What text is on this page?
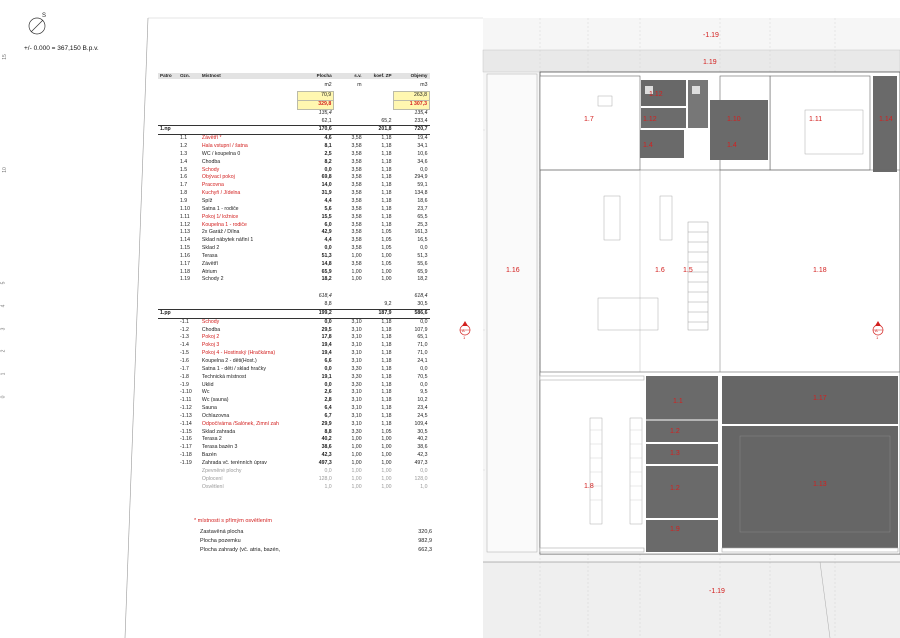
15
10
5
4
3
2
1
0
S
+/- 0.000 = 367,150 B.p.v.
-1.19
1.19
1.12
1.12	1.10	1.11	1.14
1.7
1.4	1.4
1.16	1.6	1.5	1.18
1.1	1.17
1.2
1.3
1.8	1.2
1.13
1.9
-1.19
A
1
A
1
Patro	Ozn.	Místnost	Plocha	s.v.	koef. ZP	Objemy
			m2	m		m3
			70,9			263,8
			329,8			1 307,3
			135,4			135,4
			62,1		65,2	233,4
1.np			170,6		201,8	720,7
	1.1	Závětří *	4,6	3,58	1,18	19,4
	1.2	Hala vstupní / šatna	8,1	3,58	1,18	34,1
	1.3	WC / koupelna 0	2,5	3,58	1,18	10,6
	1.4	Chodba	8,2	3,58	1,18	34,6
	1.5	Schody	0,0	3,58	1,18	0,0
	1.6	Obývací pokoj	69,8	3,58	1,18	294,9
	1.7	Pracovna	14,0	3,58	1,18	59,1
	1.8	Kuchyň / Jídelna	31,9	3,58	1,18	134,8
	1.9	Spíž	4,4	3,58	1,18	18,6
	1.10	Šatna 1 - rodiče	5,6	3,58	1,18	23,7
	1.11	Pokoj 1/ ložnice	15,5	3,58	1,18	65,5
	1.12	Koupelna 1 - rodiče	6,0	3,58	1,18	25,3
	1.13	2x Garáž / Dílna	42,9	3,58	1,05	161,3
	1.14	Sklad nábytek nářiní 1	4,4	3,58	1,05	16,5
	1.15	Sklad 2	0,0	3,58	1,05	0,0
	1.16	Terasa	51,3	1,00	1,00	51,3
	1.17	Závětří	14,8	3,58	1,05	55,6
	1.18	Atrium	65,9	1,00	1,00	65,9
	1.19	Schody 2	18,2	1,00	1,00	18,2

			618,4			618,4
			8,8		9,2	30,5
1.pp			199,2		187,9	586,6
	-1.1	Schody	0,0	3,10	1,18	0,0
	-1.2	Chodba	29,5	3,10	1,18	107,9
	-1.3	Pokoj 2	17,8	3,10	1,18	65,1
	-1.4	Pokoj 3	19,4	3,10	1,18	71,0
	-1.5	Pokoj 4 - Hostinský (Hračkárna)	19,4	3,10	1,18	71,0
	-1.6	Koupelna 2 - děti(Host.)	6,6	3,10	1,18	24,1
	-1.7	Šatna 1 - děti / sklad hračky	0,0	3,30	1,18	0,0
	-1.8	Technická místnost	19,1	3,30	1,18	70,5
	-1.9	Úklid	0,0	3,30	1,18	0,0
	-1.10	Wc	2,6	3,10	1,18	9,5
	-1.11	Wc (sauna)	2,8	3,10	1,18	10,2
	-1.12	Sauna	6,4	3,10	1,18	23,4
	-1.13	Ochlazovna	6,7	3,10	1,18	24,5
	-1.14	Odpočívárna /Salónek, Zimní zah	29,9	3,10	1,18	109,4
	-1.15	Sklad zahrada	8,8	3,30	1,05	30,5
	-1.16	Terasa 2	40,2	1,00	1,00	40,2
	-1.17	Terasa bazén 3	38,6	1,00	1,00	38,6
	-1.18	Bazén	42,3	1,00	1,00	42,3
	-1.19	Zahrada vč. terénních úprav	497,3	1,00	1,00	497,3
		Zpevněné plochy	0,0	1,00	1,00	0,0
		Oplocení	128,0	1,00	1,00	128,0
		Osvětlení	1,0	1,00	1,00	1,0
* místnosti s přímým osvětlením
Zastavěná plocha	320,6
Plocha pozemku	982,9
Plocha zahrady (vč. atria, bazén,	662,3
